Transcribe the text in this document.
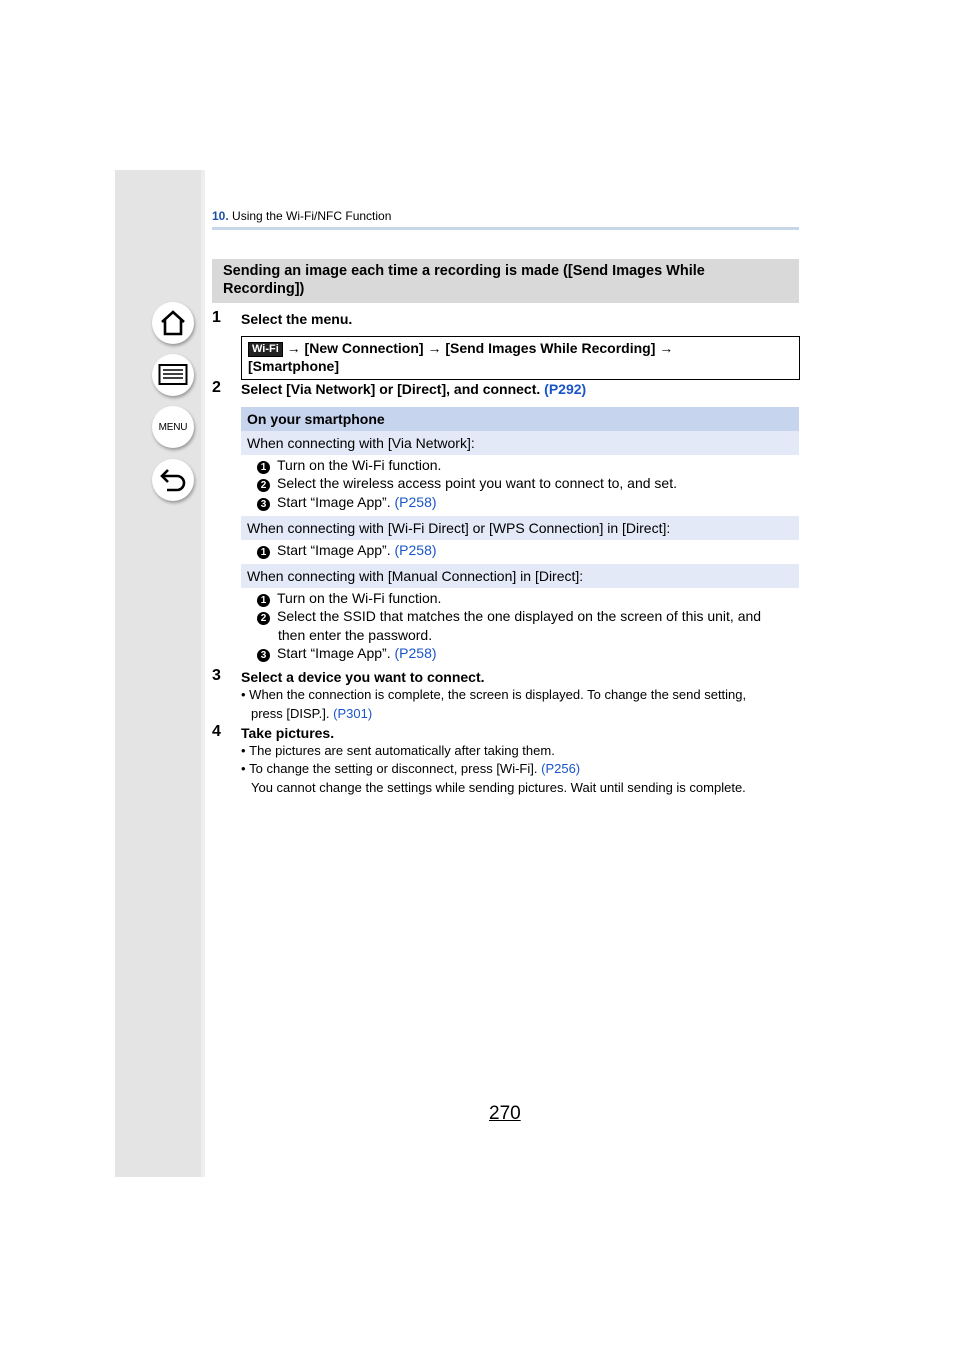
MENU
10. Using the Wi-Fi/NFC Function
Sending an image each time a recording is made ([Send Images While
Recording])
1 Select the menu.
Wi-Fi → [New Connection] → [Send Images While Recording] →
[Smartphone]
2 Select [Via Network] or [Direct], and connect. (P292)
On your smartphone
When connecting with [Via Network]:
1 Turn on the Wi-Fi function.
2 Select the wireless access point you want to connect to, and set.
3 Start “Image App”. (P258)
When connecting with [Wi-Fi Direct] or [WPS Connection] in [Direct]:
1 Start “Image App”. (P258)
When connecting with [Manual Connection] in [Direct]:
1 Turn on the Wi-Fi function.
2 Select the SSID that matches the one displayed on the screen of this unit, and
then enter the password.
3 Start “Image App”. (P258)
3 Select a device you want to connect.
• When the connection is complete, the screen is displayed. To change the send setting,
press [DISP.]. (P301)
4 Take pictures.
• The pictures are sent automatically after taking them.
• To change the setting or disconnect, press [Wi-Fi]. (P256)
You cannot change the settings while sending pictures. Wait until sending is complete.
270
